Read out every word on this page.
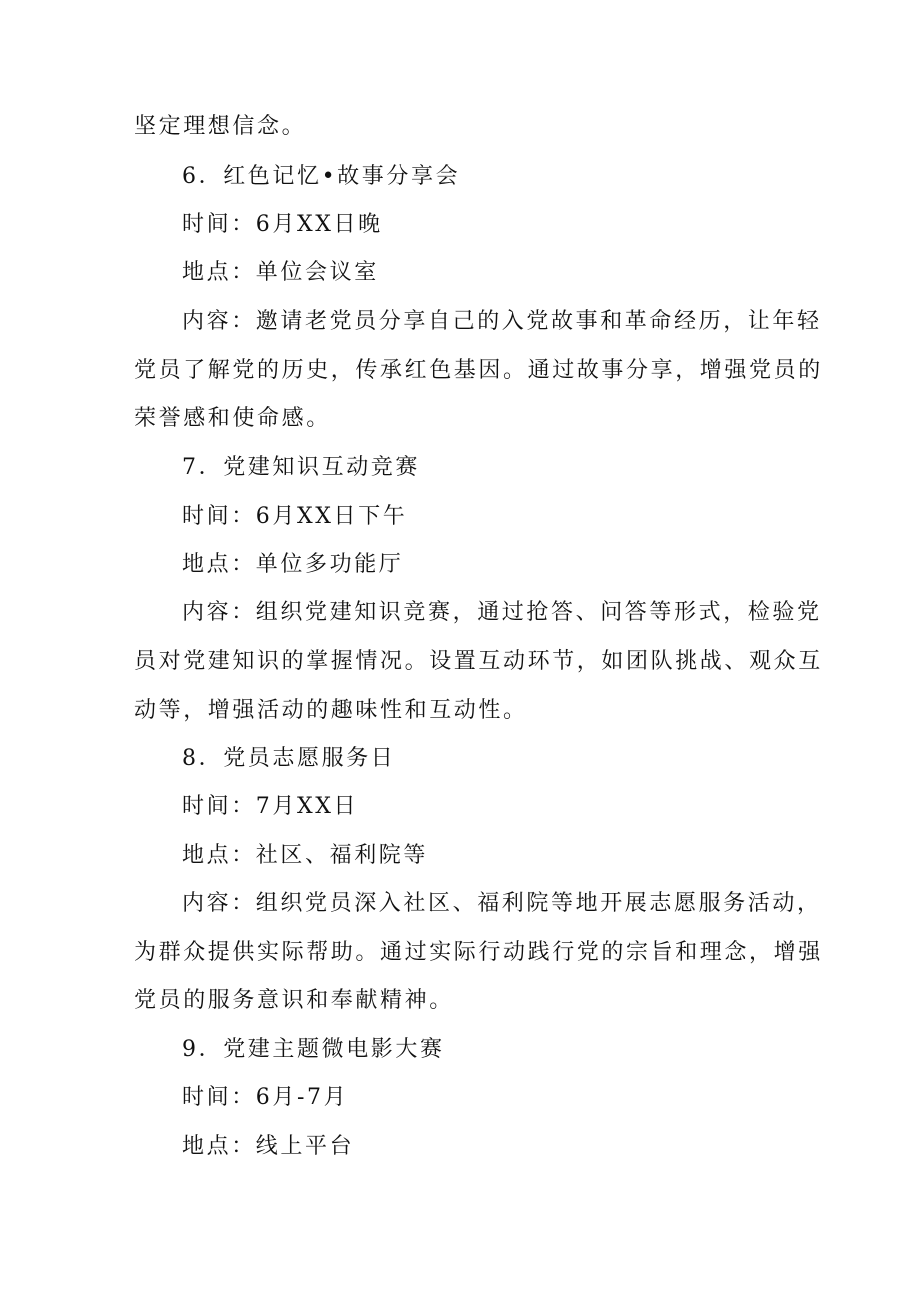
坚定理想信念。
6．红色记忆•故事分享会
时间：6月XX日晚
地点：单位会议室
内容：邀请老党员分享自己的入党故事和革命经历，让年轻
党员了解党的历史，传承红色基因。通过故事分享，增强党员的
荣誉感和使命感。
7．党建知识互动竞赛
时间：6月XX日下午
地点：单位多功能厅
内容：组织党建知识竞赛，通过抢答、问答等形式，检验党
员对党建知识的掌握情况。设置互动环节，如团队挑战、观众互
动等，增强活动的趣味性和互动性。
8．党员志愿服务日
时间：7月XX日
地点：社区、福利院等
内容：组织党员深入社区、福利院等地开展志愿服务活动，
为群众提供实际帮助。通过实际行动践行党的宗旨和理念，增强
党员的服务意识和奉献精神。
9．党建主题微电影大赛
时间：6月-7月
地点：线上平台
